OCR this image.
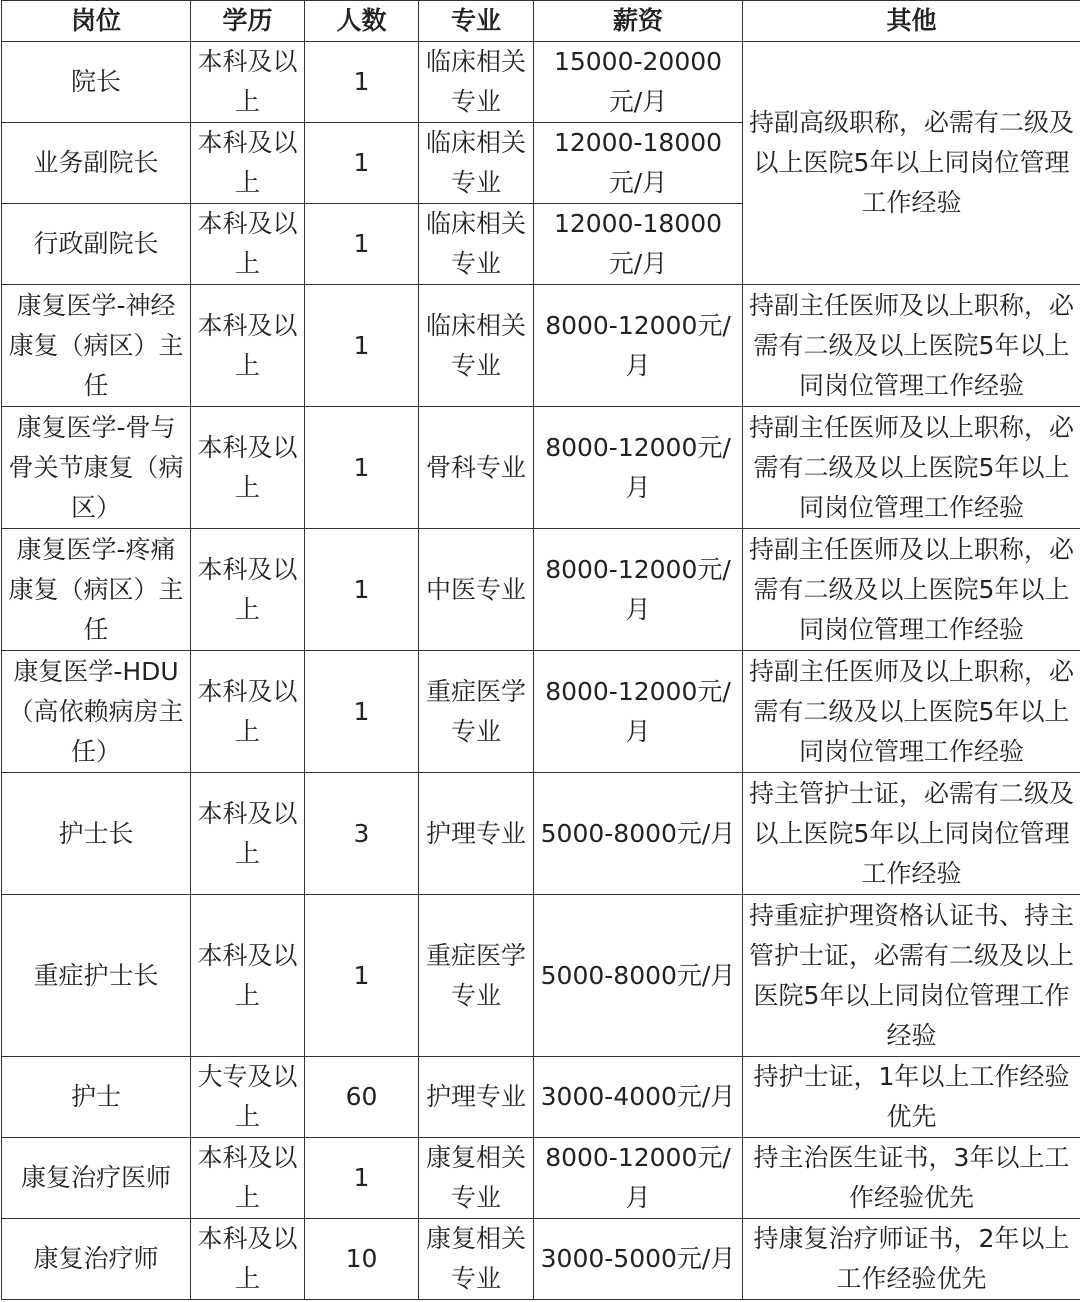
岗位	学历	人数	专业	薪资	其他
院长	本科及以上	1	临床相关专业	15000-20000元/月	持副高级职称，必需有二级及以上医院5年以上同岗位管理工作经验
业务副院长	本科及以上	1	临床相关专业	12000-18000元/月	
行政副院长	本科及以上	1	临床相关专业	12000-18000元/月	
康复医学-神经康复（病区）主任	本科及以上	1	临床相关专业	8000-12000元/月	持副主任医师及以上职称，必需有二级及以上医院5年以上同岗位管理工作经验
康复医学-骨与骨关节康复（病区）	本科及以上	1	骨科专业	8000-12000元/月	持副主任医师及以上职称，必需有二级及以上医院5年以上同岗位管理工作经验
康复医学-疼痛康复（病区）主任	本科及以上	1	中医专业	8000-12000元/月	持副主任医师及以上职称，必需有二级及以上医院5年以上同岗位管理工作经验
康复医学-HDU（高依赖病房主任）	本科及以上	1	重症医学专业	8000-12000元/月	持副主任医师及以上职称，必需有二级及以上医院5年以上同岗位管理工作经验
护士长	本科及以上	3	护理专业	5000-8000元/月	持主管护士证，必需有二级及以上医院5年以上同岗位管理工作经验
重症护士长	本科及以上	1	重症医学专业	5000-8000元/月	持重症护理资格认证书、持主管护士证，必需有二级及以上医院5年以上同岗位管理工作经验
护士	大专及以上	60	护理专业	3000-4000元/月	持护士证，1年以上工作经验优先
康复治疗医师	本科及以上	1	康复相关专业	8000-12000元/月	持主治医生证书，3年以上工作经验优先
康复治疗师	本科及以上	10	康复相关专业	3000-5000元/月	持康复治疗师证书，2年以上工作经验优先
